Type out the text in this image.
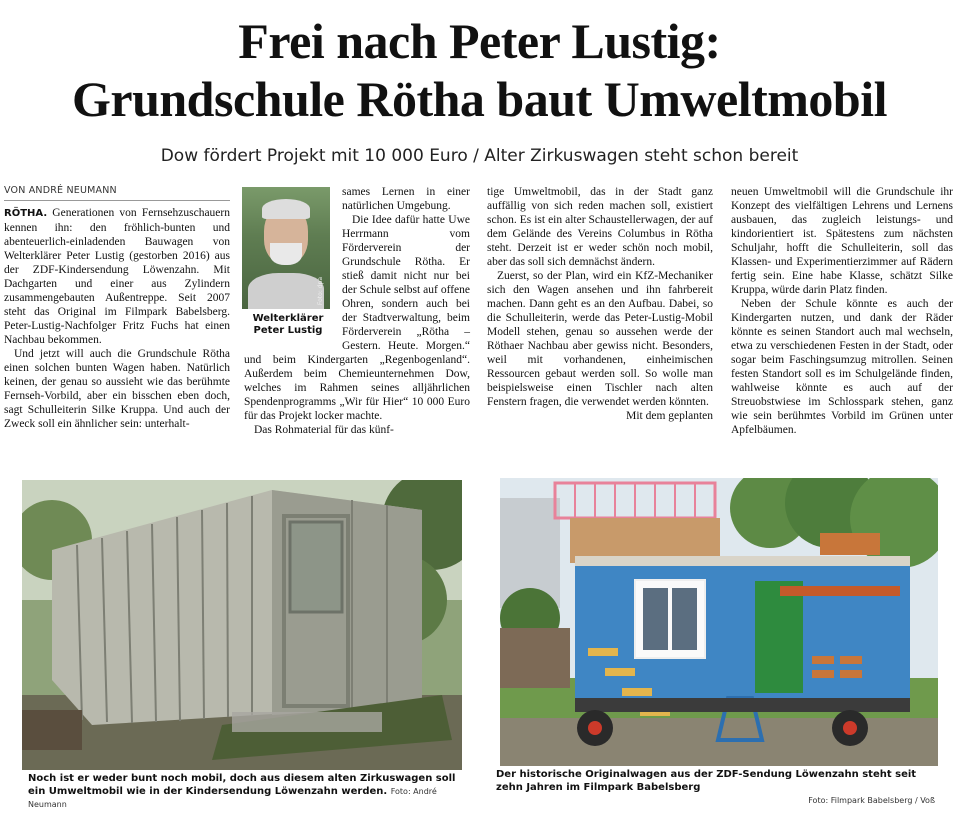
Frei nach Peter Lustig:
Grundschule Rötha baut Umweltmobil
Dow fördert Projekt mit 10 000 Euro / Alter Zirkuswagen steht schon bereit
VON ANDRÉ NEUMANN

RÖTHA. Generationen von Fernsehzuschauern kennen ihn: den fröhlich-bunten und abenteuerlich-einladenden Bauwagen von Welterklärer Peter Lustig (gestorben 2016) aus der ZDF-Kindersendung Löwenzahn. Mit Dachgarten und einer aus Zylindern zusammengebauten Außentreppe. Seit 2007 steht das Original im Filmpark Babelsberg. Peter-Lustig-Nachfolger Fritz Fuchs hat einen Nachbau bekommen.

Und jetzt will auch die Grundschule Rötha einen solchen bunten Wagen haben. Natürlich keinen, der genau so aussieht wie das berühmte Fernseh-Vorbild, aber ein bisschen eben doch, sagt Schulleiterin Silke Kruppa. Und auch der Zweck soll ein ähnlicher sein: unterhalt-

Foto: dpa
Welterklärer Peter Lustig

sames Lernen in einer natürlichen Umgebung.

Die Idee dafür hatte Uwe Herrmann vom Förderverein der Grundschule Rötha. Er stieß damit nicht nur bei der Schule selbst auf offene Ohren, sondern auch bei der Stadtverwaltung, beim Förderverein „Rötha – Gestern. Heute. Morgen.“ und beim Kindergarten „Regenbogenland“. Außerdem beim Chemieunternehmen Dow, welches im Rahmen seines alljährlichen Spendenprogramms „Wir für Hier“ 10 000 Euro für das Projekt locker machte.

Das Rohmaterial für das künf-

tige Umweltmobil, das in der Stadt ganz auffällig von sich reden machen soll, existiert schon. Es ist ein alter Schaustellerwagen, der auf dem Gelände des Vereins Columbus in Rötha steht. Derzeit ist er weder schön noch mobil, aber das soll sich demnächst ändern.

Zuerst, so der Plan, wird ein KfZ-Mechaniker sich den Wagen ansehen und ihn fahrbereit machen. Dann geht es an den Aufbau. Dabei, so die Schulleiterin, werde das Peter-Lustig-Mobil Modell stehen, genau so aussehen werde der Röthaer Nachbau aber gewiss nicht. Besonders, weil mit vorhandenen, einheimischen Ressourcen gebaut werden soll. So wolle man beispielsweise einen Tischler nach alten Fenstern fragen, die verwendet werden könnten.

Mit dem geplanten

neuen Umweltmobil will die Grundschule ihr Konzept des vielfältigen Lehrens und Lernens ausbauen, das zugleich leistungs- und kindorientiert ist. Spätestens zum nächsten Schuljahr, hofft die Schulleiterin, soll das Klassen- und Experimentierzimmer auf Rädern fertig sein. Eine habe Klasse, schätzt Silke Kruppa, würde darin Platz finden.

Neben der Schule könnte es auch der Kindergarten nutzen, und dank der Räder könnte es seinen Standort auch mal wechseln, etwa zu verschiedenen Festen in der Stadt, oder sogar beim Faschingsumzug mitrollen. Seinen festen Standort soll es im Schulgelände finden, wahlweise könnte es auch auf der Streuobstwiese im Schlosspark stehen, ganz wie sein berühmtes Vorbild im Grünen unter Apfelbäumen.

Noch ist er weder bunt noch mobil, doch aus diesem alten Zirkuswagen soll ein Umweltmobil wie in der Kindersendung Löwenzahn werden. Foto: André Neumann
Der historische Originalwagen aus der ZDF-Sendung Löwenzahn steht seit zehn Jahren im Filmpark Babelsberg
Foto: Filmpark Babelsberg / Voß
